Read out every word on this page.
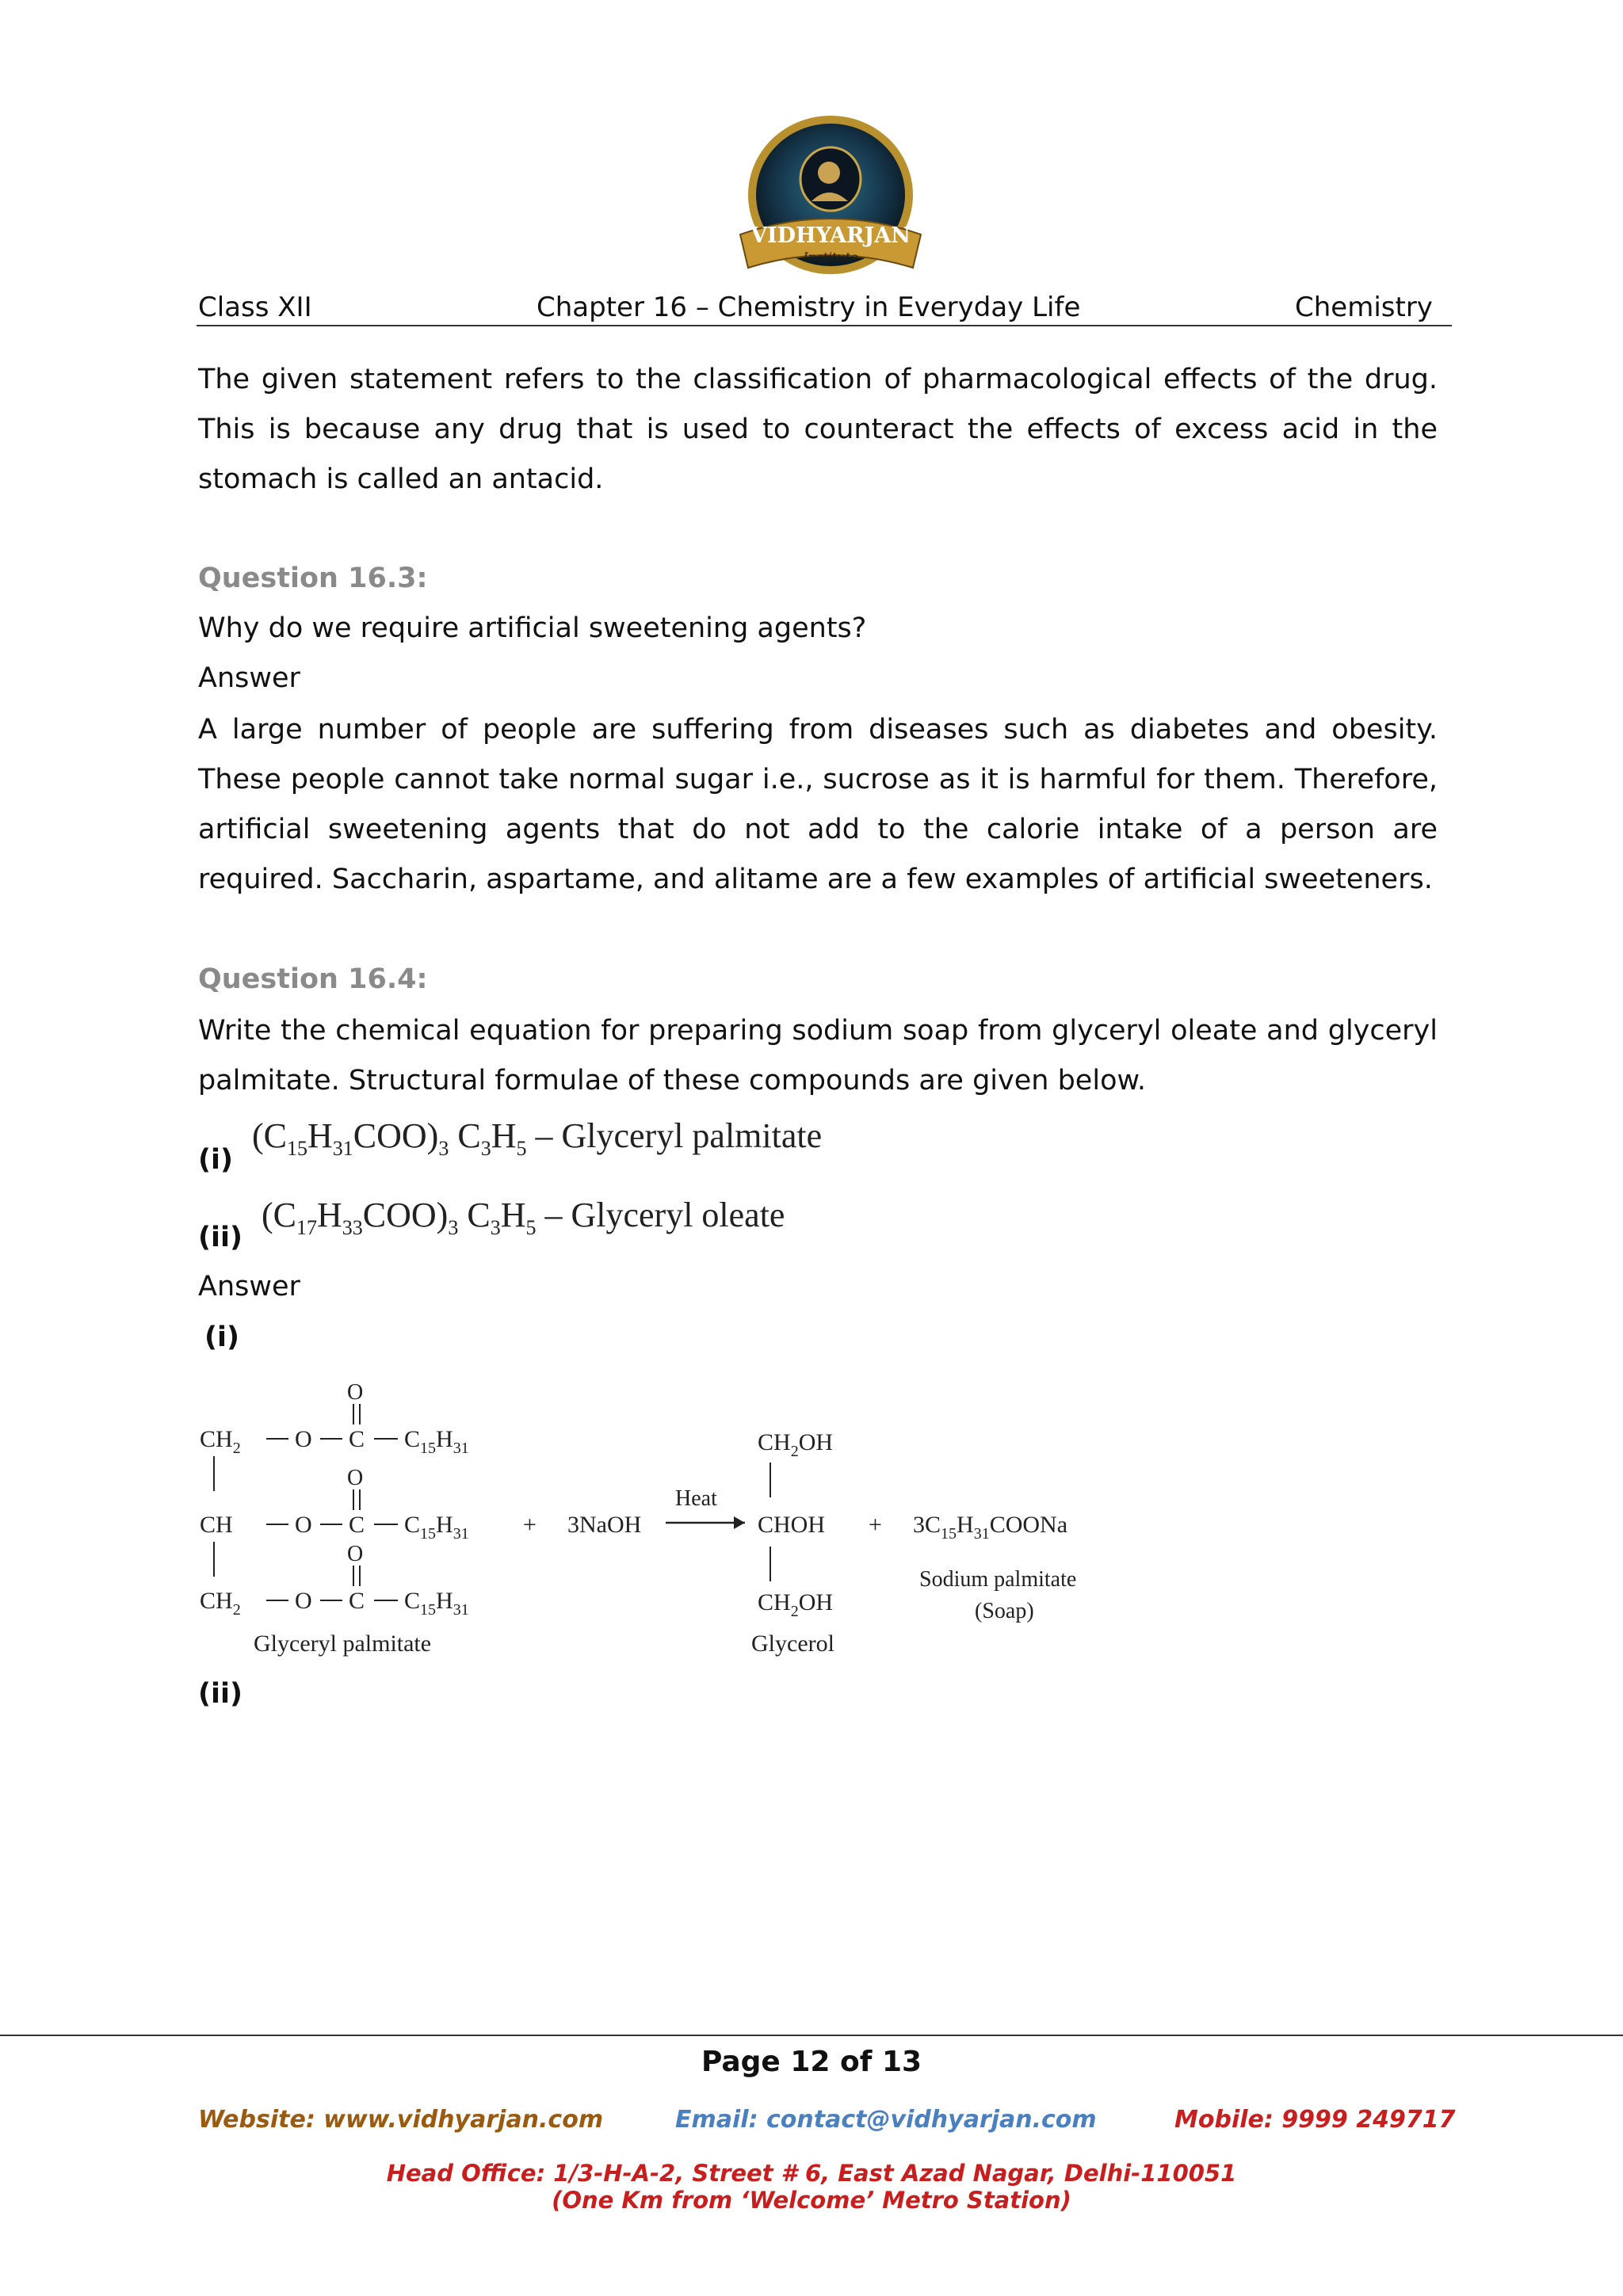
VIDHYARJAN
Institute
Class XII	Chapter 16 – Chemistry in Everyday Life	Chemistry
The given statement refers to the classification of pharmacological effects of the drug. This is because any drug that is used to counteract the effects of excess acid in the stomach is called an antacid.
Question 16.3:
Why do we require artificial sweetening agents?
Answer
A large number of people are suffering from diseases such as diabetes and obesity. These people cannot take normal sugar i.e., sucrose as it is harmful for them. Therefore, artificial sweetening agents that do not add to the calorie intake of a person are required. Saccharin, aspartame, and alitame are a few examples of artificial sweeteners.
Question 16.4:
Write the chemical equation for preparing sodium soap from glyceryl oleate and glyceryl palmitate. Structural formulae of these compounds are given below.
(i)
$(C_{15}H_{31}COO)_3$ $C_3H_5$ – Glyceryl palmitate
(ii)
$(C_{17}H_{33}COO)_3$ $C_3H_5$ – Glyceryl oleate
Answer
(i)
$CH_2$ O C
O
$C_{15}H_{31}$
CH	O C
O
$C_{15}H_{31}$
$CH_2$ O C
O
$C_{15}H_{31}$
Glyceryl palmitate
+ 3NaOH
Heat
$CH_2OH$
CHOH
$CH_2OH$
Glycerol
+ $3C_{15}H_{31}COONa$
Sodium palmitate
(Soap)
(ii)
Page 12 of 13
Website: www.vidhyarjan.com	Email: contact@vidhyarjan.com	Mobile: 9999 249717
Head Office: 1/3-H-A-2, Street # 6, East Azad Nagar, Delhi-110051
(One Km from ‘Welcome’ Metro Station)
